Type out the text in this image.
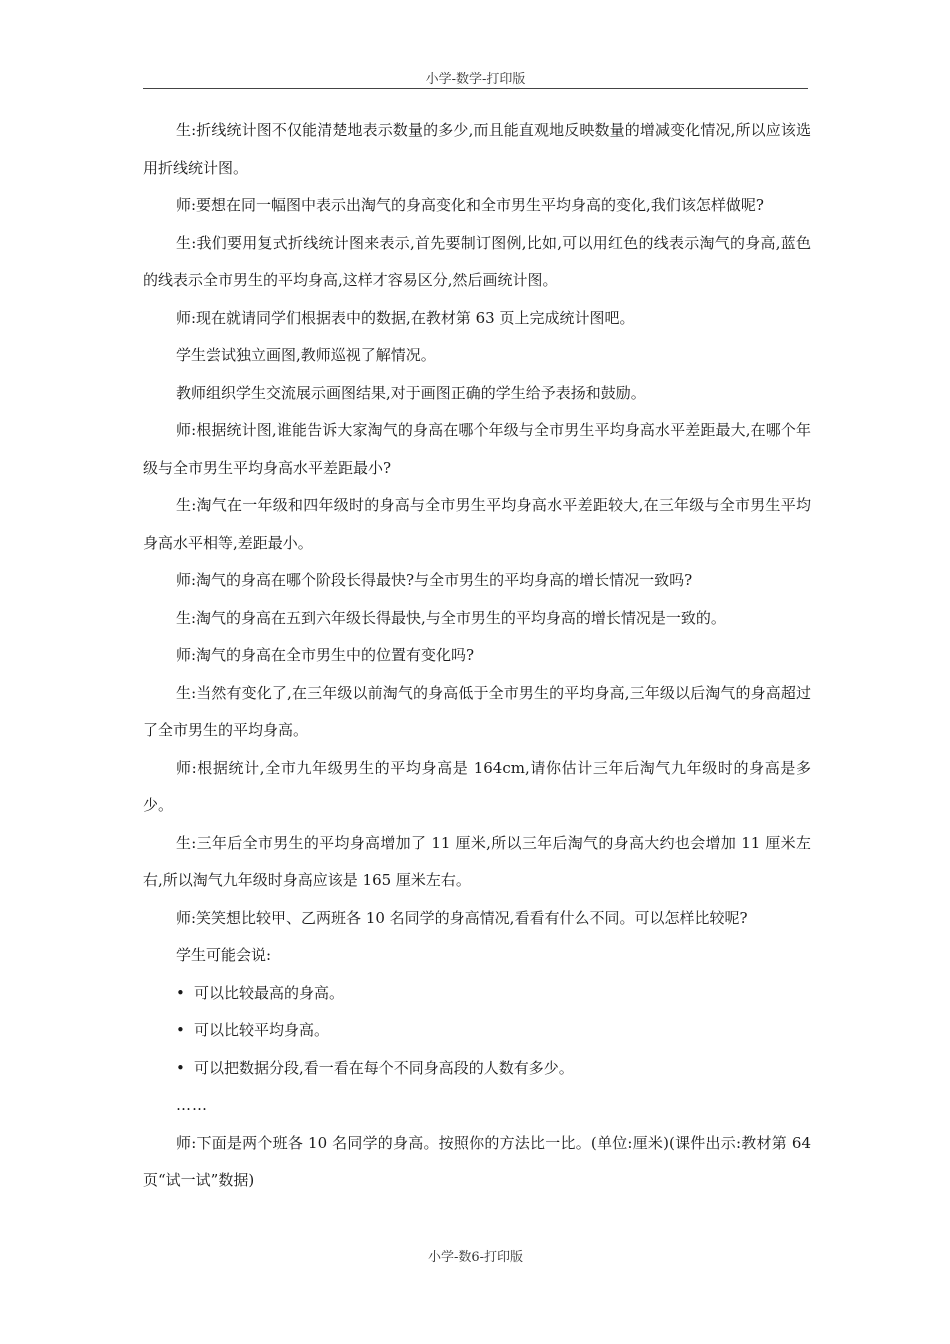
小学-数学-打印版

生:折线统计图不仅能清楚地表示数量的多少,而且能直观地反映数量的增减变化情况,所以应该选用折线统计图。

师:要想在同一幅图中表示出淘气的身高变化和全市男生平均身高的变化,我们该怎样做呢?

生:我们要用复式折线统计图来表示,首先要制订图例,比如,可以用红色的线表示淘气的身高,蓝色的线表示全市男生的平均身高,这样才容易区分,然后画统计图。

师:现在就请同学们根据表中的数据,在教材第 63 页上完成统计图吧。

学生尝试独立画图,教师巡视了解情况。

教师组织学生交流展示画图结果,对于画图正确的学生给予表扬和鼓励。

师:根据统计图,谁能告诉大家淘气的身高在哪个年级与全市男生平均身高水平差距最大,在哪个年级与全市男生平均身高水平差距最小?

生:淘气在一年级和四年级时的身高与全市男生平均身高水平差距较大,在三年级与全市男生平均身高水平相等,差距最小。

师:淘气的身高在哪个阶段长得最快?与全市男生的平均身高的增长情况一致吗?

生:淘气的身高在五到六年级长得最快,与全市男生的平均身高的增长情况是一致的。

师:淘气的身高在全市男生中的位置有变化吗?

生:当然有变化了,在三年级以前淘气的身高低于全市男生的平均身高,三年级以后淘气的身高超过了全市男生的平均身高。

师:根据统计,全市九年级男生的平均身高是 164cm,请你估计三年后淘气九年级时的身高是多少。

生:三年后全市男生的平均身高增加了 11 厘米,所以三年后淘气的身高大约也会增加 11 厘米左右,所以淘气九年级时身高应该是 165 厘米左右。

师:笑笑想比较甲、乙两班各 10 名同学的身高情况,看看有什么不同。可以怎样比较呢?

学生可能会说:

• 可以比较最高的身高。

• 可以比较平均身高。

• 可以把数据分段,看一看在每个不同身高段的人数有多少。

……

师:下面是两个班各 10 名同学的身高。按照你的方法比一比。(单位:厘米)(课件出示:教材第 64 页“试一试”数据)

小学-数6-打印版
